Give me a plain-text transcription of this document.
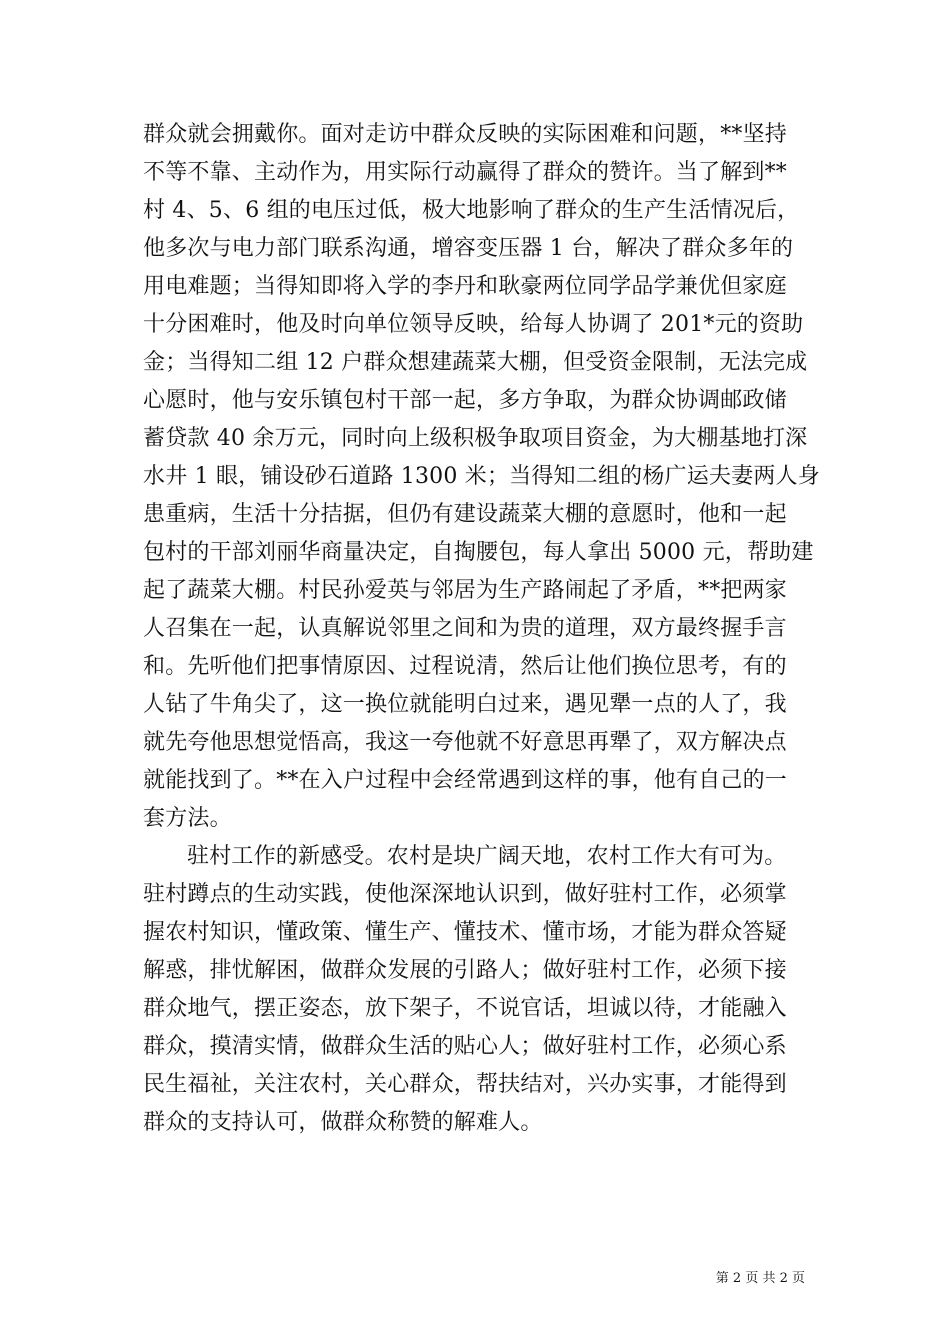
群众就会拥戴你。面对走访中群众反映的实际困难和问题，**坚持
不等不靠、主动作为，用实际行动赢得了群众的赞许。当了解到**
村 4、5、6 组的电压过低，极大地影响了群众的生产生活情况后，
他多次与电力部门联系沟通，增容变压器 1 台，解决了群众多年的
用电难题；当得知即将入学的李丹和耿豪两位同学品学兼优但家庭
十分困难时，他及时向单位领导反映，给每人协调了 201*元的资助
金；当得知二组 12 户群众想建蔬菜大棚，但受资金限制，无法完成
心愿时，他与安乐镇包村干部一起，多方争取，为群众协调邮政储
蓄贷款 40 余万元，同时向上级积极争取项目资金，为大棚基地打深
水井 1 眼，铺设砂石道路 1300 米；当得知二组的杨广运夫妻两人身
患重病，生活十分拮据，但仍有建设蔬菜大棚的意愿时，他和一起
包村的干部刘丽华商量决定，自掏腰包，每人拿出 5000 元，帮助建
起了蔬菜大棚。村民孙爱英与邻居为生产路闹起了矛盾，**把两家
人召集在一起，认真解说邻里之间和为贵的道理，双方最终握手言
和。先听他们把事情原因、过程说清，然后让他们换位思考，有的
人钻了牛角尖了，这一换位就能明白过来，遇见犟一点的人了，我
就先夸他思想觉悟高，我这一夸他就不好意思再犟了，双方解决点
就能找到了。**在入户过程中会经常遇到这样的事，他有自己的一
套方法。
驻村工作的新感受。农村是块广阔天地，农村工作大有可为。
驻村蹲点的生动实践，使他深深地认识到，做好驻村工作，必须掌
握农村知识，懂政策、懂生产、懂技术、懂市场，才能为群众答疑
解惑，排忧解困，做群众发展的引路人；做好驻村工作，必须下接
群众地气，摆正姿态，放下架子，不说官话，坦诚以待，才能融入
群众，摸清实情，做群众生活的贴心人；做好驻村工作，必须心系
民生福祉，关注农村，关心群众，帮扶结对，兴办实事，才能得到
群众的支持认可，做群众称赞的解难人。
第 2 页 共 2 页
